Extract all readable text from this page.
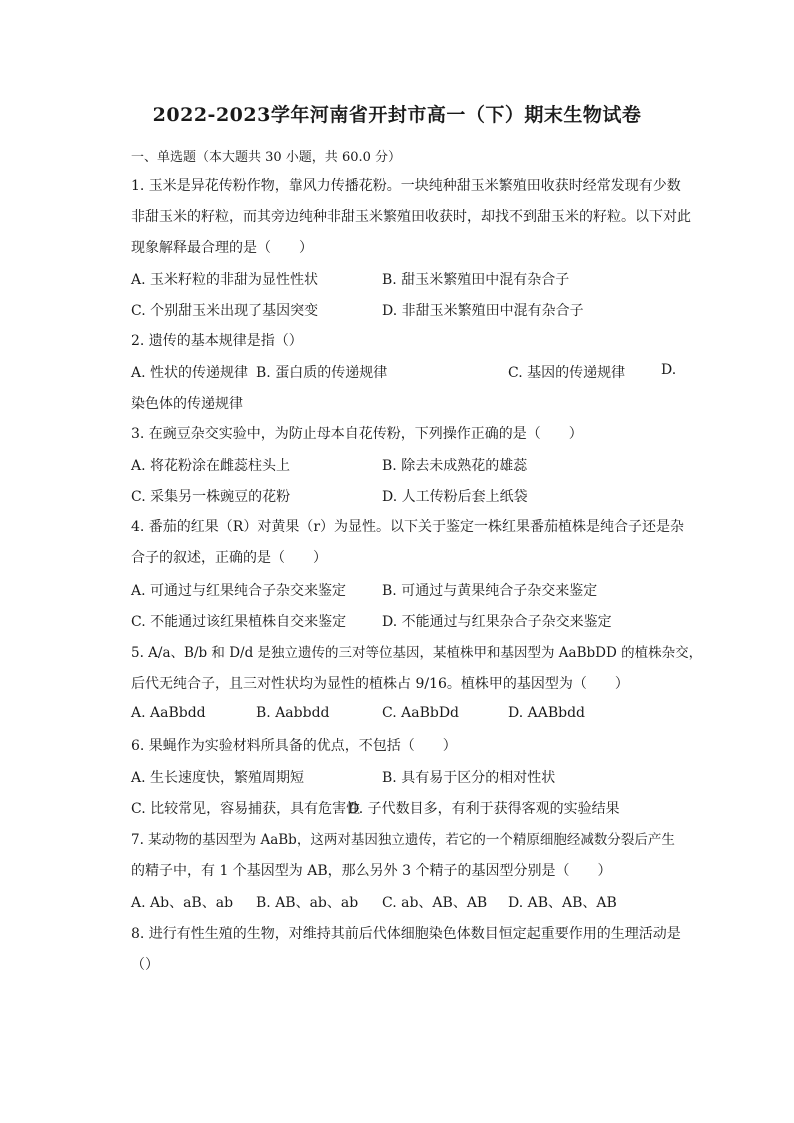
2022-2023学年河南省开封市高一（下）期末生物试卷
一、单选题（本大题共 30 小题，共 60.0 分）
1. 玉米是异花传粉作物，靠风力传播花粉。一块纯种甜玉米繁殖田收获时经常发现有少数
非甜玉米的籽粒，而其旁边纯种非甜玉米繁殖田收获时，却找不到甜玉米的籽粒。以下对此
现象解释最合理的是（　　）
A. 玉米籽粒的非甜为显性性状	B. 甜玉米繁殖田中混有杂合子
C. 个别甜玉米出现了基因突变	D. 非甜玉米繁殖田中混有杂合子
2. 遗传的基本规律是指（）
A. 性状的传递规律 B. 蛋白质的传递规律	C. 基因的传递规律	D.
染色体的传递规律
3. 在豌豆杂交实验中，为防止母本自花传粉，下列操作正确的是（　　）
A. 将花粉涂在雌蕊柱头上	B. 除去未成熟花的雄蕊
C. 采集另一株豌豆的花粉	D. 人工传粉后套上纸袋
4. 番茄的红果（R）对黄果（r）为显性。以下关于鉴定一株红果番茄植株是纯合子还是杂
合子的叙述，正确的是（　　）
A. 可通过与红果纯合子杂交来鉴定	B. 可通过与黄果纯合子杂交来鉴定
C. 不能通过该红果植株自交来鉴定	D. 不能通过与红果杂合子杂交来鉴定
5. A/a、B/b 和 D/d 是独立遗传的三对等位基因，某植株甲和基因型为 AaBbDD 的植株杂交，
后代无纯合子，且三对性状均为显性的植株占 9/16。植株甲的基因型为（　　）
A. AaBbdd	B. Aabbdd	C. AaBbDd	D. AABbdd
6. 果蝇作为实验材料所具备的优点，不包括（　　）
A. 生长速度快，繁殖周期短	B. 具有易于区分的相对性状
C. 比较常见，容易捕获，具有危害性
D. 子代数目多，有利于获得客观的实验结果
7. 某动物的基因型为 AaBb，这两对基因独立遗传，若它的一个精原细胞经减数分裂后产生
的精子中，有 1 个基因型为 AB，那么另外 3 个精子的基因型分别是（　　）
A. Ab、aB、ab B. AB、ab、ab C. ab、AB、AB D. AB、AB、AB
8. 进行有性生殖的生物，对维持其前后代体细胞染色体数目恒定起重要作用的生理活动是
（）
